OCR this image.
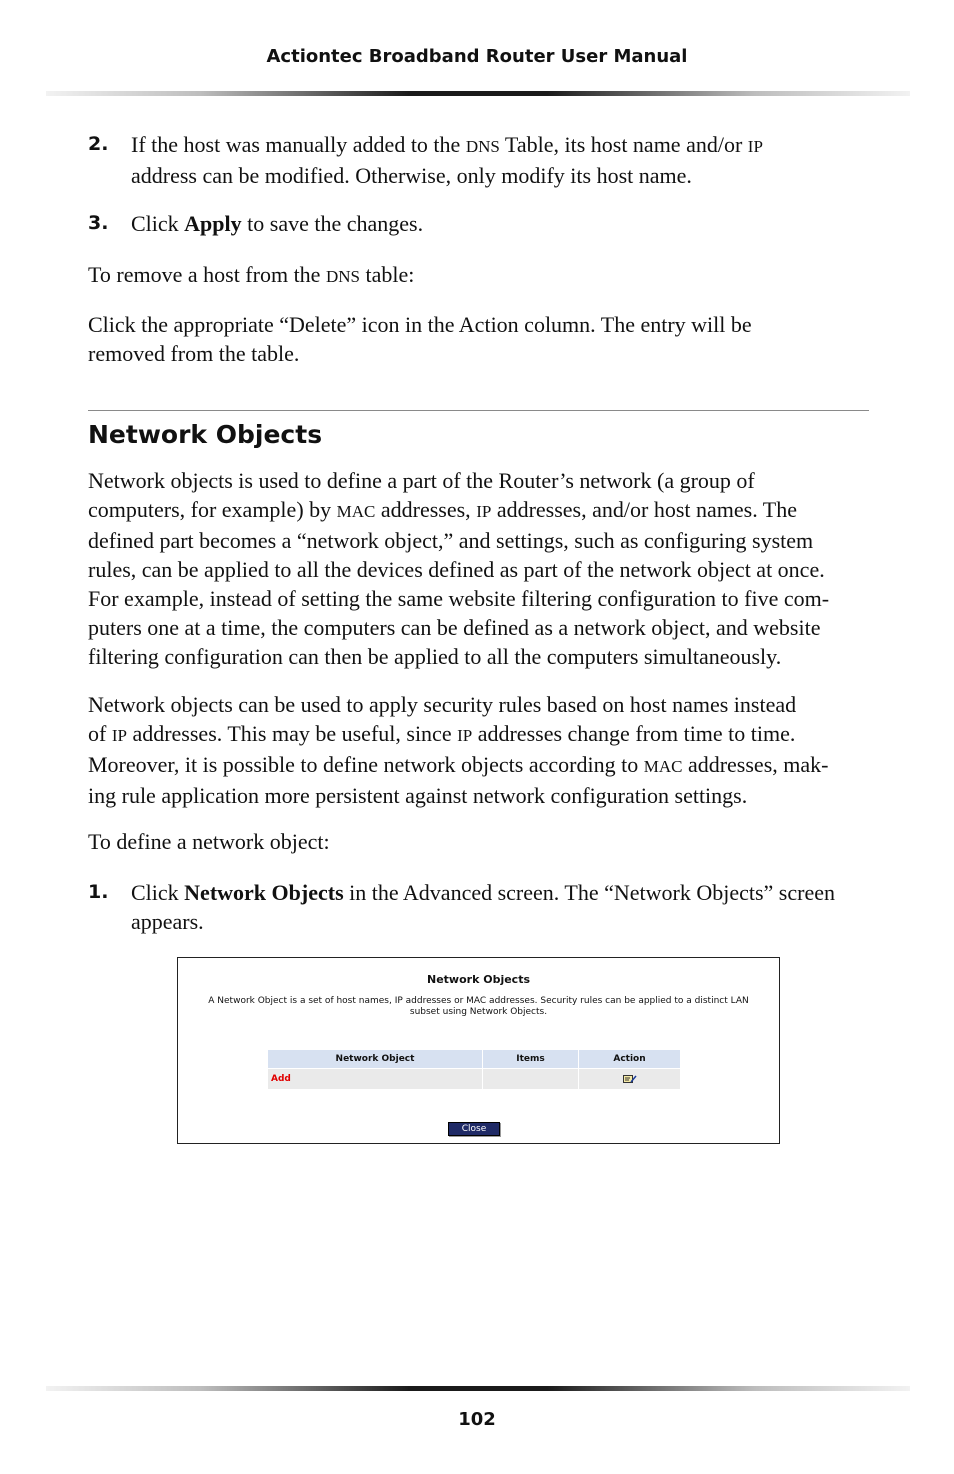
Actiontec Broadband Router User Manual
2. If the host was manually added to the DNS Table, its host name and/or IP
address can be modified. Otherwise, only modify its host name.
3. Click Apply to save the changes.

To remove a host from the DNS table:

Click the appropriate “Delete” icon in the Action column. The entry will be
removed from the table.

Network Objects

Network objects is used to define a part of the Router’s network (a group of
computers, for example) by MAC addresses, IP addresses, and/or host names. The
defined part becomes a “network object,” and settings, such as configuring system
rules, can be applied to all the devices defined as part of the network object at once.
For example, instead of setting the same website filtering configuration to five com-
puters one at a time, the computers can be defined as a network object, and website
filtering configuration can then be applied to all the computers simultaneously.

Network objects can be used to apply security rules based on host names instead
of IP addresses. This may be useful, since IP addresses change from time to time.
Moreover, it is possible to define network objects according to MAC addresses, mak-
ing rule application more persistent against network configuration settings.

To define a network object:

1. Click Network Objects in the Advanced screen. The “Network Objects” screen
appears.
Network Objects
A Network Object is a set of host names, IP addresses or MAC addresses. Security rules can be applied to a distinct LAN
subset using Network Objects.
Network Object	Items	Action
Add		
Close
102
